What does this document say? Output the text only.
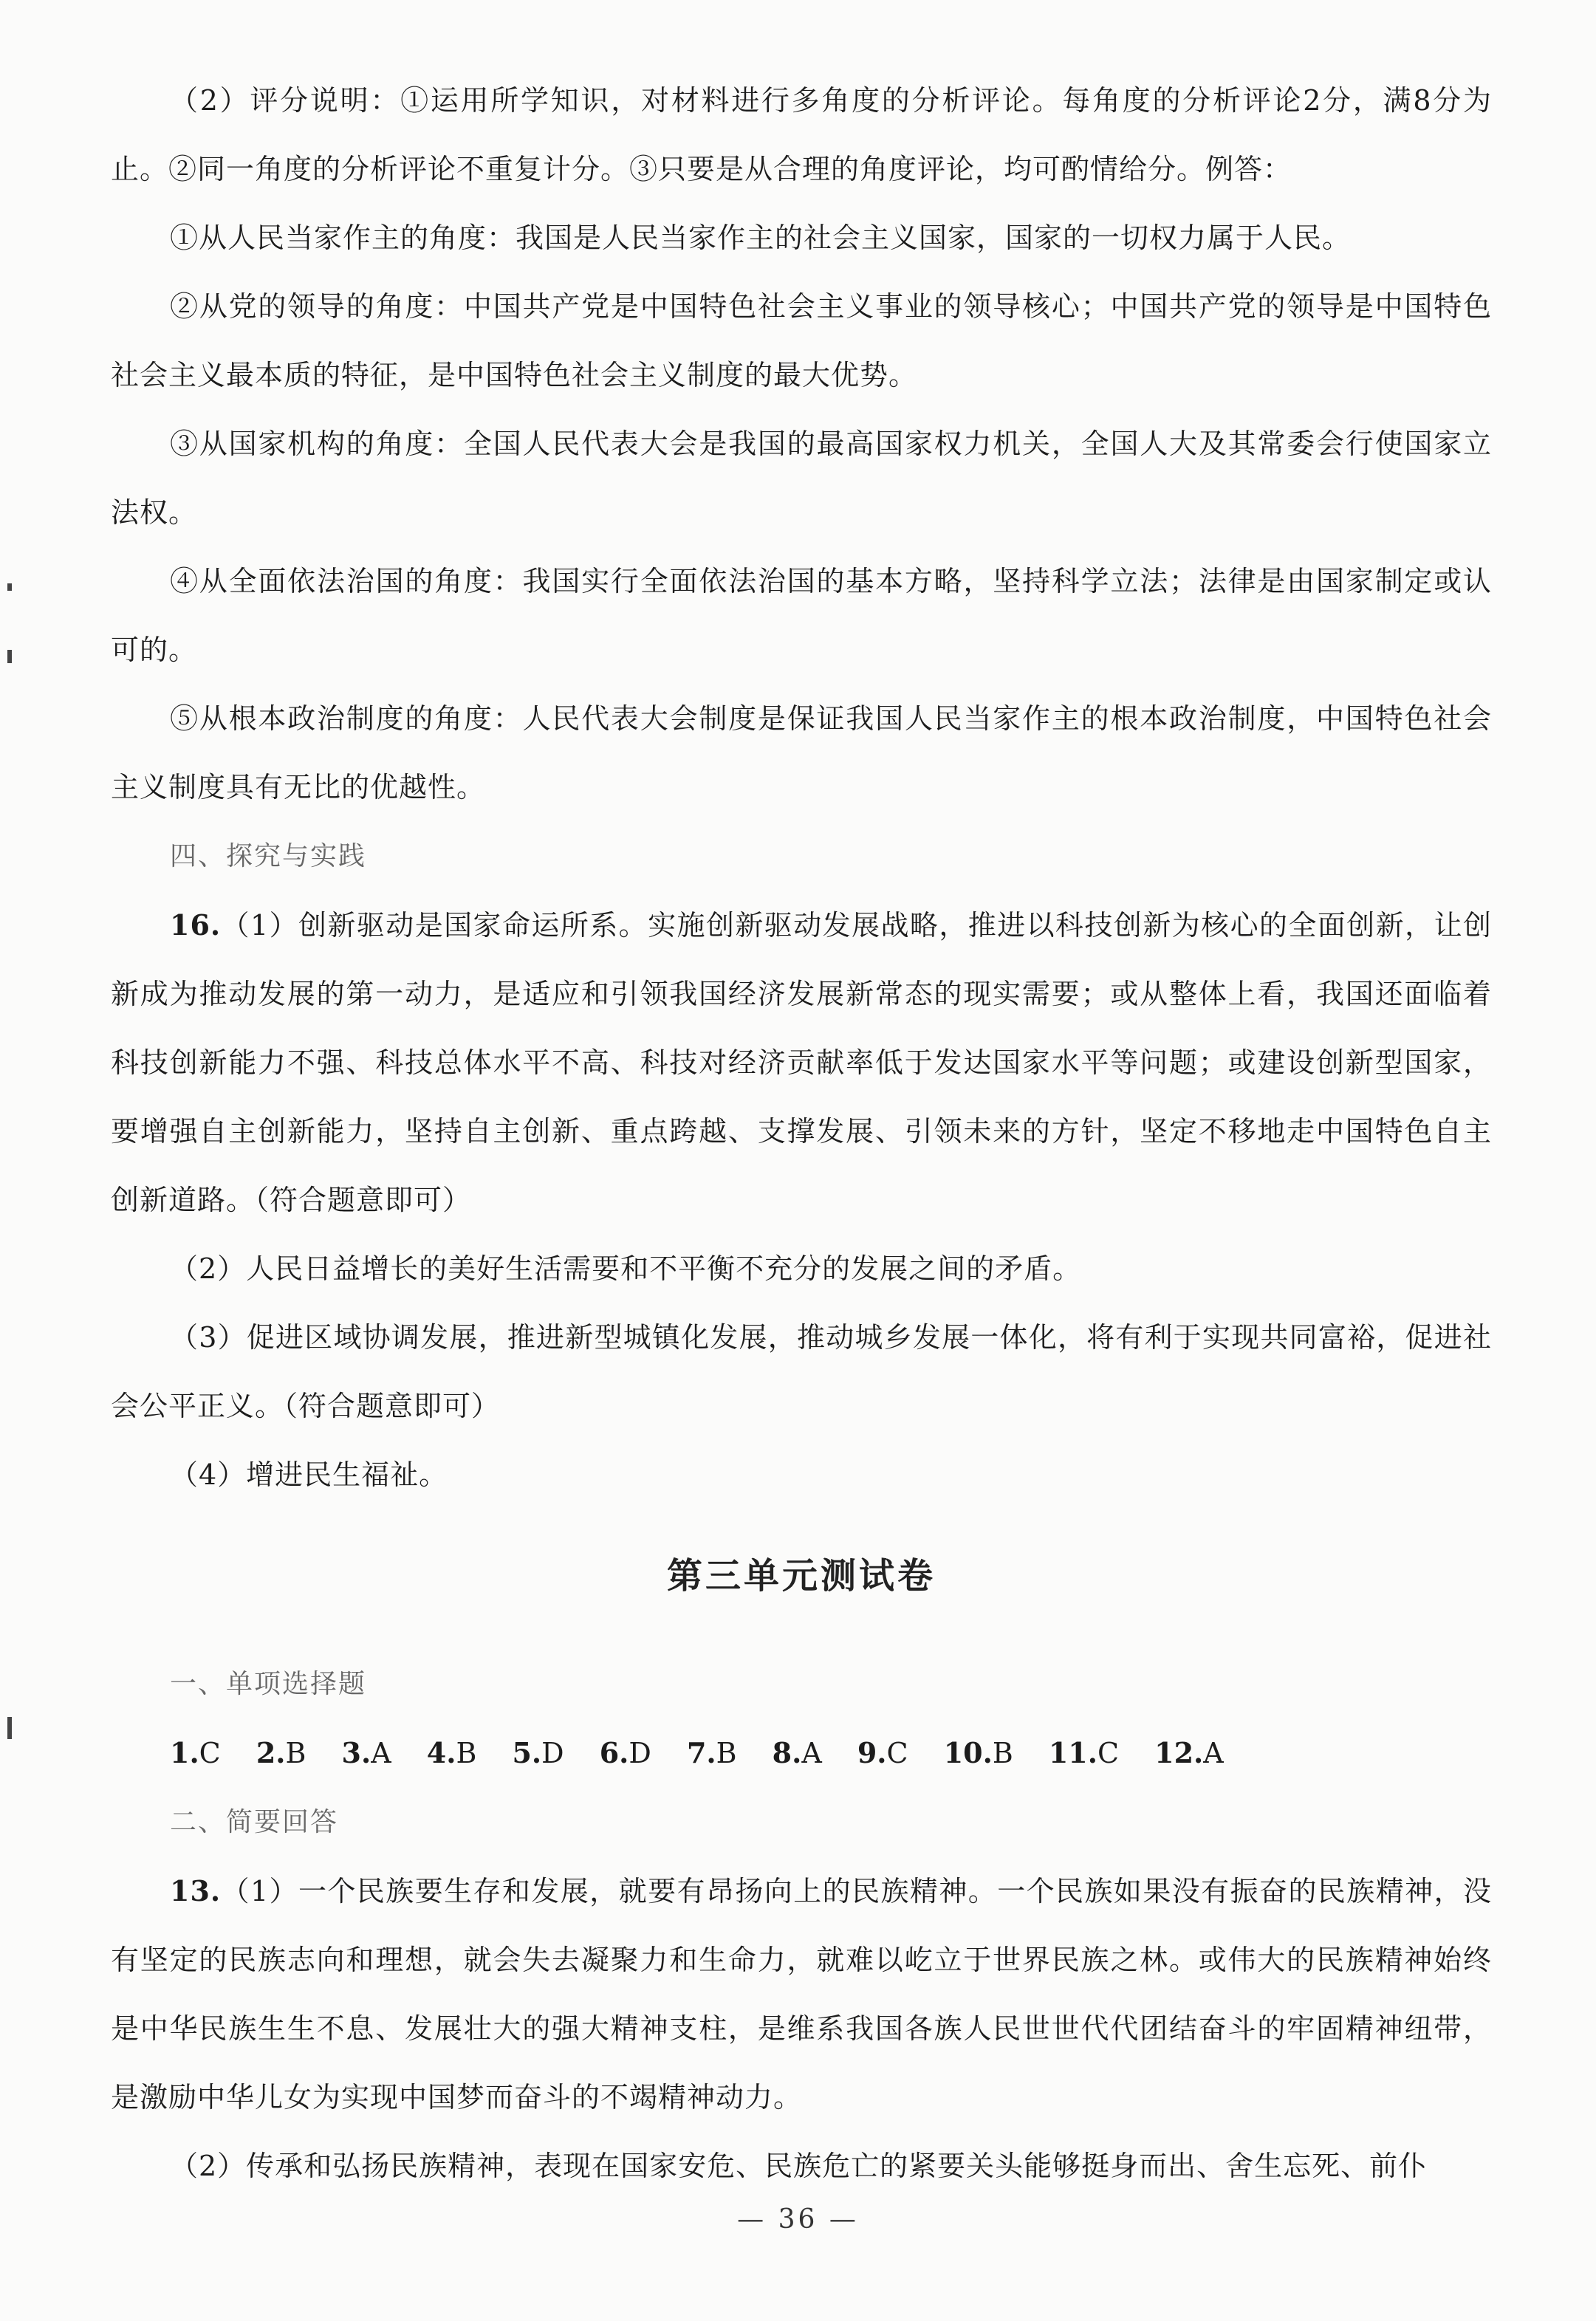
（2）评分说明：①运用所学知识，对材料进行多角度的分析评论。每角度的分析评论2分，满8分为止。②同一角度的分析评论不重复计分。③只要是从合理的角度评论，均可酌情给分。例答：

①从人民当家作主的角度：我国是人民当家作主的社会主义国家，国家的一切权力属于人民。

②从党的领导的角度：中国共产党是中国特色社会主义事业的领导核心；中国共产党的领导是中国特色社会主义最本质的特征，是中国特色社会主义制度的最大优势。

③从国家机构的角度：全国人民代表大会是我国的最高国家权力机关，全国人大及其常委会行使国家立法权。

④从全面依法治国的角度：我国实行全面依法治国的基本方略，坚持科学立法；法律是由国家制定或认可的。

⑤从根本政治制度的角度：人民代表大会制度是保证我国人民当家作主的根本政治制度，中国特色社会主义制度具有无比的优越性。

四、探究与实践

16.（1）创新驱动是国家命运所系。实施创新驱动发展战略，推进以科技创新为核心的全面创新，让创新成为推动发展的第一动力，是适应和引领我国经济发展新常态的现实需要；或从整体上看，我国还面临着科技创新能力不强、科技总体水平不高、科技对经济贡献率低于发达国家水平等问题；或建设创新型国家，要增强自主创新能力，坚持自主创新、重点跨越、支撑发展、引领未来的方针，坚定不移地走中国特色自主创新道路。（符合题意即可）

（2）人民日益增长的美好生活需要和不平衡不充分的发展之间的矛盾。

（3）促进区域协调发展，推进新型城镇化发展，推动城乡发展一体化，将有利于实现共同富裕，促进社会公平正义。（符合题意即可）

（4）增进民生福祉。

第三单元测试卷

一、单项选择题

1.C 2.B 3.A 4.B 5.D 6.D 7.B 8.A 9.C 10.B 11.C 12.A

二、简要回答

13.（1）一个民族要生存和发展，就要有昂扬向上的民族精神。一个民族如果没有振奋的民族精神，没有坚定的民族志向和理想，就会失去凝聚力和生命力，就难以屹立于世界民族之林。或伟大的民族精神始终是中华民族生生不息、发展壮大的强大精神支柱，是维系我国各族人民世世代代团结奋斗的牢固精神纽带，是激励中华儿女为实现中国梦而奋斗的不竭精神动力。

（2）传承和弘扬民族精神，表现在国家安危、民族危亡的紧要关头能够挺身而出、舍生忘死、前仆

— 36 —
